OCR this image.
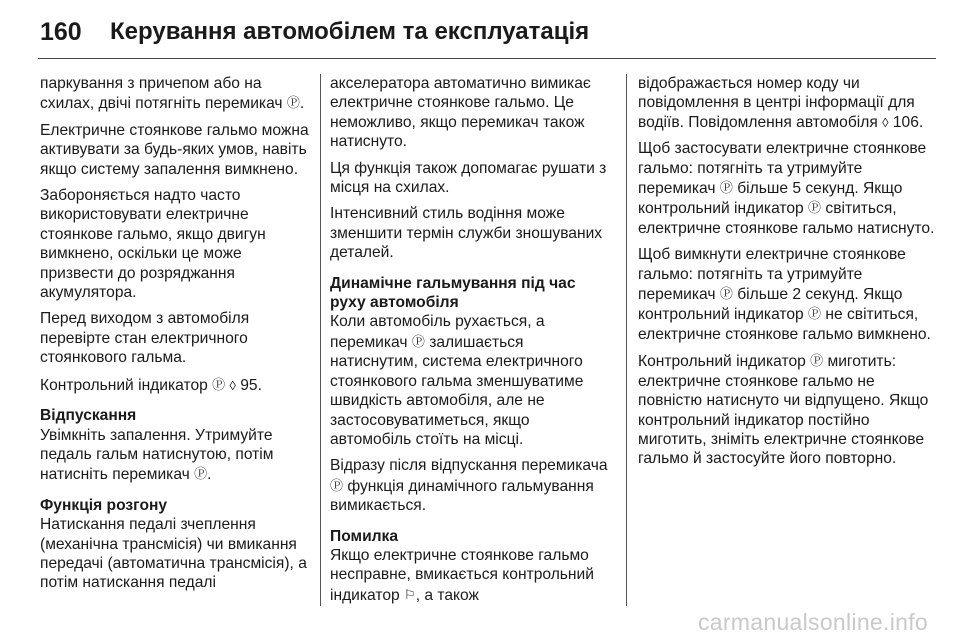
160	Керування автомобілем та експлуатація

паркування з причепом або на схилах, двічі потягніть перемикач Ⓟ.

Електричне стоянкове гальмо можна активувати за будь-яких умов, навіть якщо систему запалення вимкнено.

Забороняється надто часто використовувати електричне стоянкове гальмо, якщо двигун вимкнено, оскільки це може призвести до розряджання акумулятора.

Перед виходом з автомобіля перевірте стан електричного стоянкового гальма.

Контрольний індикатор Ⓟ ◊ 95.

Відпускання

Увімкніть запалення. Утримуйте педаль гальм натиснутою, потім натисніть перемикач Ⓟ.

Функція розгону

Натискання педалі зчеплення (механічна трансмісія) чи вмикання передачі (автоматична трансмісія), а потім натискання педалі

акселератора автоматично вимикає електричне стоянкове гальмо. Це неможливо, якщо перемикач також натиснуто.

Ця функція також допомагає рушати з місця на схилах.

Інтенсивний стиль водіння може зменшити термін служби зношуваних деталей.

Динамічне гальмування під час руху автомобіля

Коли автомобіль рухається, а перемикач Ⓟ залишається натиснутим, система електричного стоянкового гальма зменшуватиме швидкість автомобіля, але не застосовуватиметься, якщо автомобіль стоїть на місці.

Відразу після відпускання перемикача Ⓟ функція динамічного гальмування вимикається.

Помилка

Якщо електричне стоянкове гальмо несправне, вмикається контрольний індикатор ⚐, а також

відображається номер коду чи повідомлення в центрі інформації для водіїв. Повідомлення автомобіля ◊ 106.

Щоб застосувати електричне стоянкове гальмо: потягніть та утримуйте перемикач Ⓟ більше 5 секунд. Якщо контрольний індикатор Ⓟ світиться, електричне стоянкове гальмо натиснуто.

Щоб вимкнути електричне стоянкове гальмо: потягніть та утримуйте перемикач Ⓟ більше 2 секунд. Якщо контрольний індикатор Ⓟ не світиться, електричне стоянкове гальмо вимкнено.

Контрольний індикатор Ⓟ миготить: електричне стоянкове гальмо не повністю натиснуто чи відпущено. Якщо контрольний індикатор постійно миготить, зніміть електричне стоянкове гальмо й застосуйте його повторно.

carmanualsonline.info
